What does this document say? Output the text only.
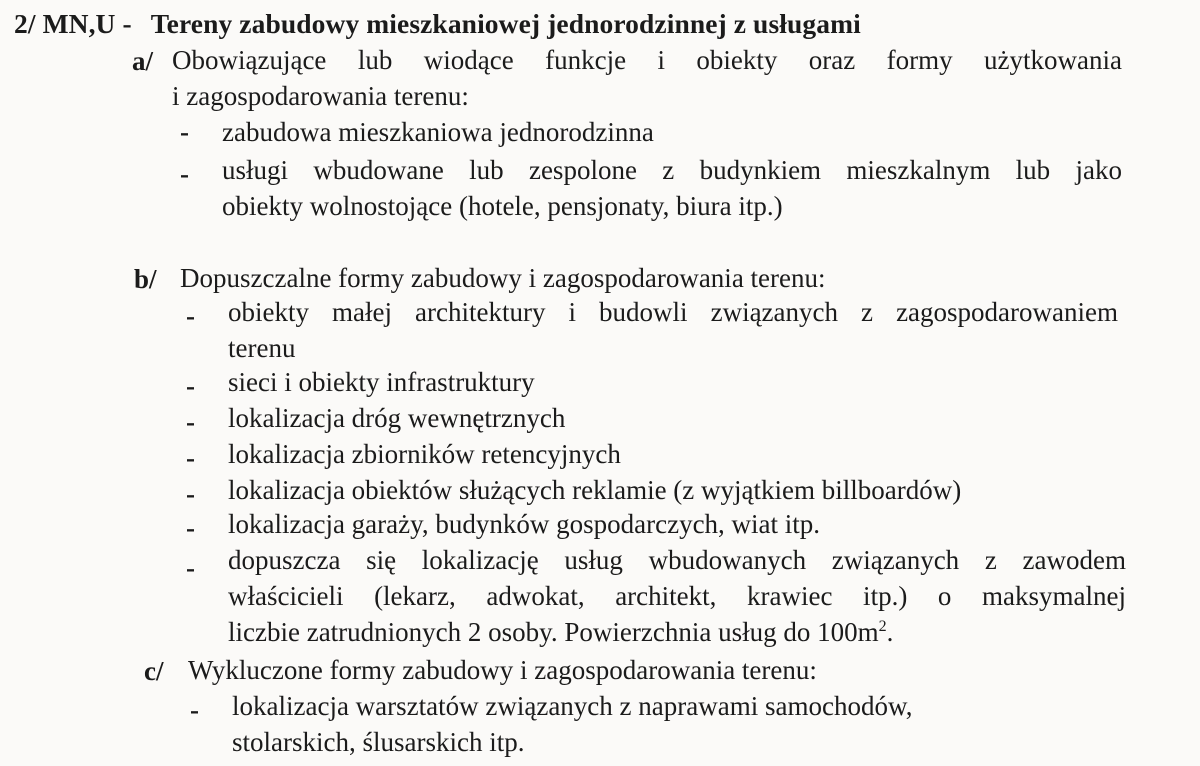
2/ MN,U - Tereny zabudowy mieszkaniowej jednorodzinnej z usługami
a/ Obowiązujące lub wiodące funkcje i obiekty oraz formy użytkowania
i zagospodarowania terenu:
- zabudowa mieszkaniowa jednorodzinna
- usługi wbudowane lub zespolone z budynkiem mieszkalnym lub jako
obiekty wolnostojące (hotele, pensjonaty, biura itp.)
b/ Dopuszczalne formy zabudowy i zagospodarowania terenu:
- obiekty małej architektury i budowli związanych z zagospodarowaniem
terenu
- sieci i obiekty infrastruktury
- lokalizacja dróg wewnętrznych
- lokalizacja zbiorników retencyjnych
- lokalizacja obiektów służących reklamie (z wyjątkiem billboardów)
- lokalizacja garaży, budynków gospodarczych, wiat itp.
- dopuszcza się lokalizację usług wbudowanych związanych z zawodem
właścicieli (lekarz, adwokat, architekt, krawiec itp.) o maksymalnej
liczbie zatrudnionych 2 osoby. Powierzchnia usług do $100m^2$.
c/ Wykluczone formy zabudowy i zagospodarowania terenu:
- lokalizacja warsztatów związanych z naprawami samochodów,
stolarskich, ślusarskich itp.
